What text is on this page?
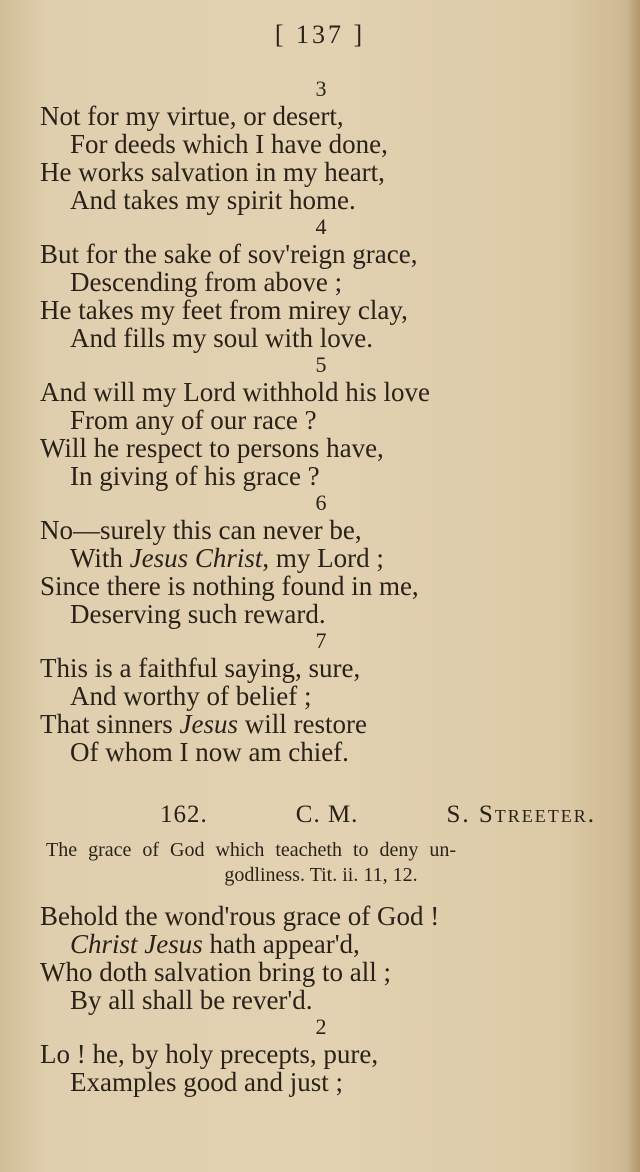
[ 137 ]
3
Not for my virtue, or desert,
For deeds which I have done,
He works salvation in my heart,
And takes my spirit home.
4
But for the sake of sov'reign grace,
Descending from above ;
He takes my feet from mirey clay,
And fills my soul with love.
5
And will my Lord withhold his love
From any of our race ?
Will he respect to persons have,
In giving of his grace ?
6
No—surely this can never be,
With Jesus Christ, my Lord ;
Since there is nothing found in me,
Deserving such reward.
7
This is a faithful saying, sure,
And worthy of belief ;
That sinners Jesus will restore
Of whom I now am chief.
162.	C. M.	S. Streeter.
The grace of God which teacheth to deny un-
godliness. Tit. ii. 11, 12.
Behold the wond'rous grace of God !
Christ Jesus hath appear'd,
Who doth salvation bring to all ;
By all shall be rever'd.
2
Lo ! he, by holy precepts, pure,
Examples good and just ;
